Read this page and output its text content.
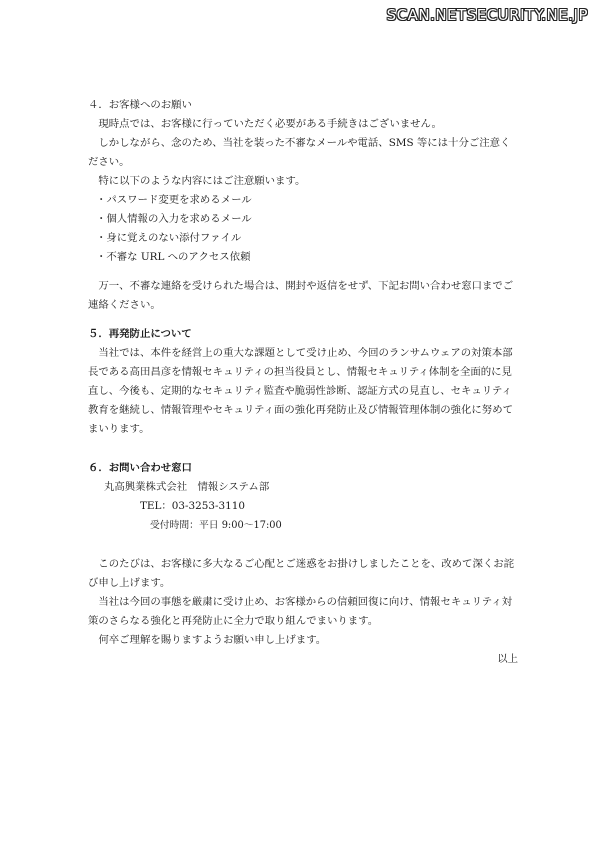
SCAN.NETSECURITY.NE.JP

４．お客様へのお願い

現時点では、お客様に行っていただく必要がある手続きはございません。

しかしながら、念のため、当社を装った不審なメールや電話、SMS 等には十分ご注意ください。

特に以下のような内容にはご注意願います。

・パスワード変更を求めるメール
・個人情報の入力を求めるメール
・身に覚えのない添付ファイル
・不審な URL へのアクセス依頼

万一、不審な連絡を受けられた場合は、開封や返信をせず、下記お問い合わせ窓口までご連絡ください。

５．再発防止について

当社では、本件を経営上の重大な課題として受け止め、今回のランサムウェアの対策本部長である高田昌彦を情報セキュリティの担当役員とし、情報セキュリティ体制を全面的に見直し、今後も、定期的なセキュリティ監査や脆弱性診断、認証方式の見直し、セキュリティ教育を継続し、情報管理やセキュリティ面の強化再発防止及び情報管理体制の強化に努めてまいります。

６．お問い合わせ窓口

丸高興業株式会社　情報システム部

TEL：03-3253-3110

受付時間：平日 9:00～17:00

このたびは、お客様に多大なるご心配とご迷惑をお掛けしましたことを、改めて深くお詫び申し上げます。

当社は今回の事態を厳粛に受け止め、お客様からの信頼回復に向け、情報セキュリティ対策のさらなる強化と再発防止に全力で取り組んでまいります。

何卒ご理解を賜りますようお願い申し上げます。

以上
